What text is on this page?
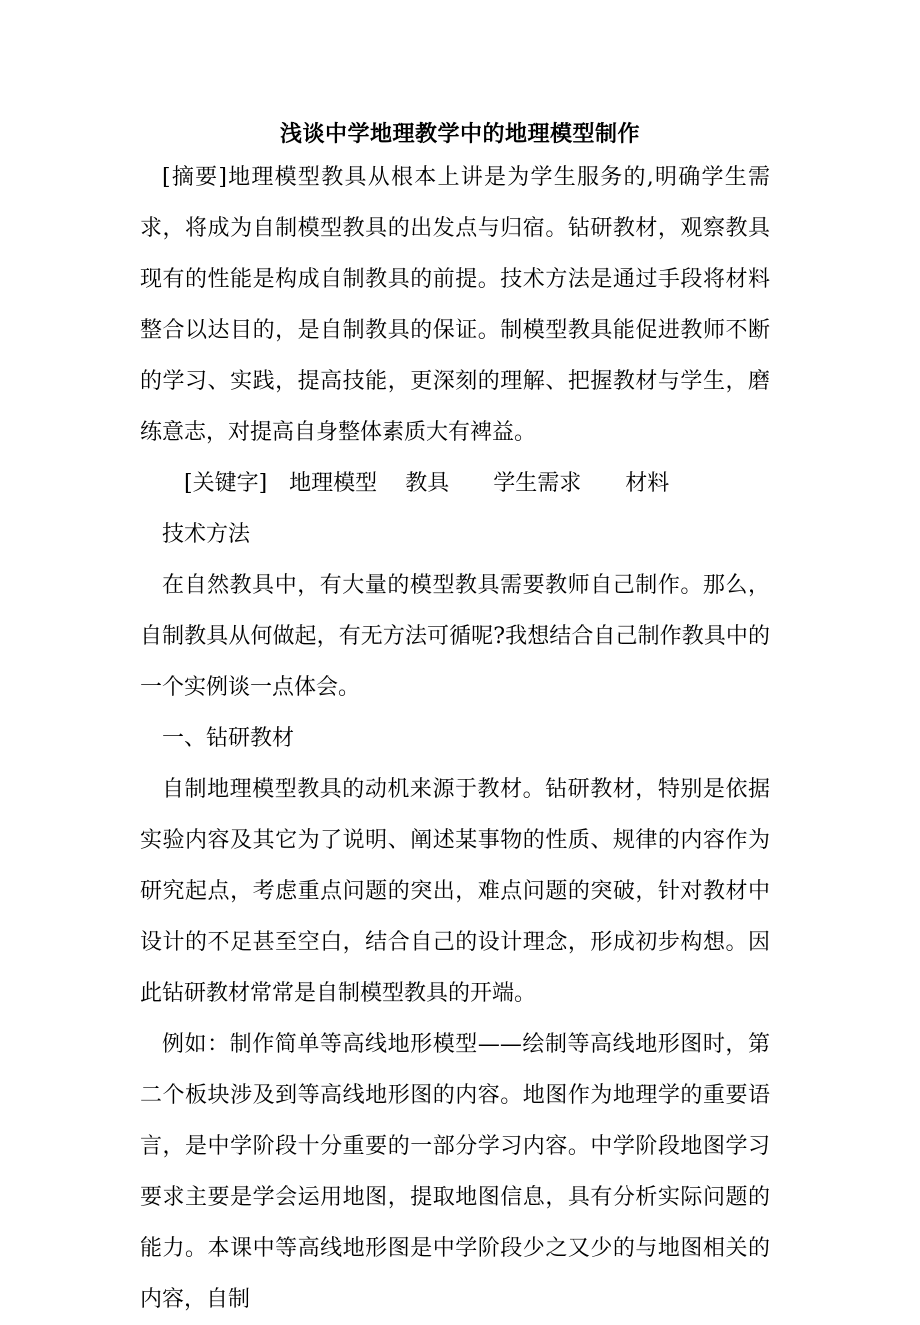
浅谈中学地理教学中的地理模型制作

[摘要]地理模型教具从根本上讲是为学生服务的,明确学生需求，将成为自制模型教具的出发点与归宿。钻研教材，观察教具现有的性能是构成自制教具的前提。技术方法是通过手段将材料整合以达目的，是自制教具的保证。制模型教具能促进教师不断的学习、实践，提高技能，更深刻的理解、把握教材与学生，磨练意志，对提高自身整体素质大有裨益。

[关键字] 地理模型 教具 学生需求 材料技术方法

在自然教具中，有大量的模型教具需要教师自己制作。那么，自制教具从何做起，有无方法可循呢?我想结合自己制作教具中的一个实例谈一点体会。

一、钻研教材

自制地理模型教具的动机来源于教材。钻研教材，特别是依据实验内容及其它为了说明、阐述某事物的性质、规律的内容作为研究起点，考虑重点问题的突出，难点问题的突破，针对教材中设计的不足甚至空白，结合自己的设计理念，形成初步构想。因此钻研教材常常是自制模型教具的开端。

例如：制作简单等高线地形模型——绘制等高线地形图时，第二个板块涉及到等高线地形图的内容。地图作为地理学的重要语言，是中学阶段十分重要的一部分学习内容。中学阶段地图学习要求主要是学会运用地图，提取地图信息，具有分析实际问题的能力。本课中等高线地形图是中学阶段少之又少的与地图相关的内容，自制
